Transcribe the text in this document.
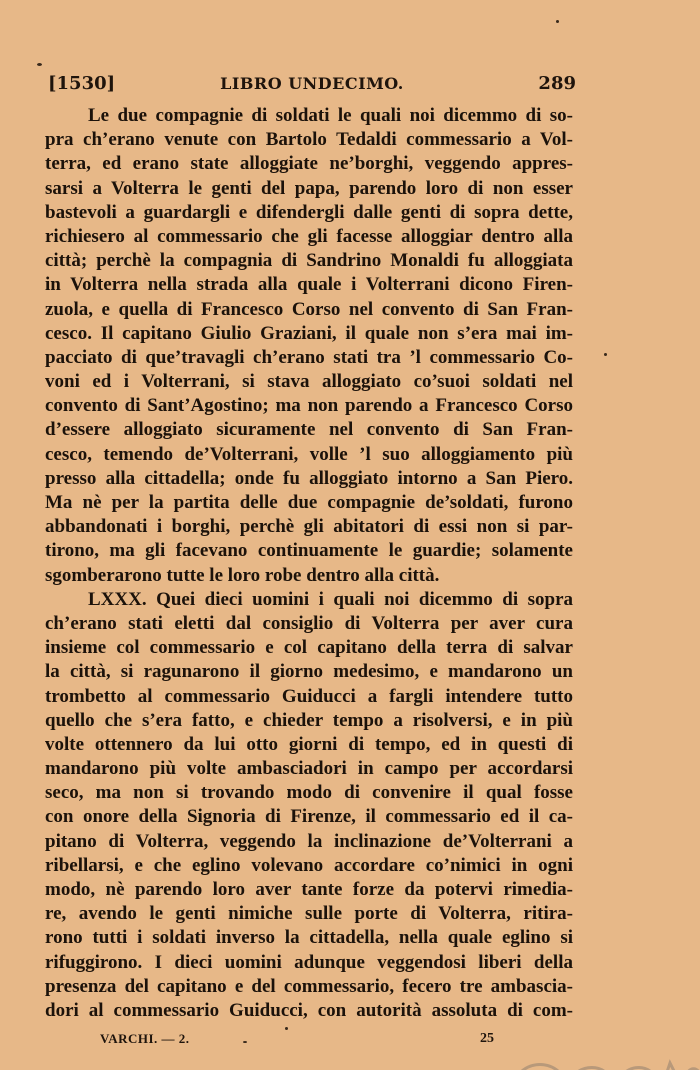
[1530]	LIBRO UNDECIMO.	289
Le due compagnie di soldati le quali noi dicemmo di so-
pra ch’erano venute con Bartolo Tedaldi commessario a Vol-
terra, ed erano state alloggiate ne’borghi, veggendo appres-
sarsi a Volterra le genti del papa, parendo loro di non esser
bastevoli a guardargli e difendergli dalle genti di sopra dette,
richiesero al commessario che gli facesse alloggiar dentro alla
città; perchè la compagnia di Sandrino Monaldi fu alloggiata
in Volterra nella strada alla quale i Volterrani dicono Firen-
zuola, e quella di Francesco Corso nel convento di San Fran-
cesco. Il capitano Giulio Graziani, il quale non s’era mai im-
pacciato di que’travagli ch’erano stati tra ’l commessario Co-
voni ed i Volterrani, si stava alloggiato co’suoi soldati nel
convento di Sant’Agostino; ma non parendo a Francesco Corso
d’essere alloggiato sicuramente nel convento di San Fran-
cesco, temendo de’Volterrani, volle ’l suo alloggiamento più
presso alla cittadella; onde fu alloggiato intorno a San Piero.
Ma nè per la partita delle due compagnie de’soldati, furono
abbandonati i borghi, perchè gli abitatori di essi non si par-
tirono, ma gli facevano continuamente le guardie; solamente
sgomberarono tutte le loro robe dentro alla città.
LXXX. Quei dieci uomini i quali noi dicemmo di sopra
ch’erano stati eletti dal consiglio di Volterra per aver cura
insieme col commessario e col capitano della terra di salvar
la città, si ragunarono il giorno medesimo, e mandarono un
trombetto al commessario Guiducci a fargli intendere tutto
quello che s’era fatto, e chieder tempo a risolversi, e in più
volte ottennero da lui otto giorni di tempo, ed in questi di
mandarono più volte ambasciadori in campo per accordarsi
seco, ma non si trovando modo di convenire il qual fosse
con onore della Signoria di Firenze, il commessario ed il ca-
pitano di Volterra, veggendo la inclinazione de’Volterrani a
ribellarsi, e che eglino volevano accordare co’nimici in ogni
modo, nè parendo loro aver tante forze da potervi rimedia-
re, avendo le genti nimiche sulle porte di Volterra, ritira-
rono tutti i soldati inverso la cittadella, nella quale eglino si
rifuggirono. I dieci uomini adunque veggendosi liberi della
presenza del capitano e del commessario, fecero tre ambascia-
dori al commessario Guiducci, con autorità assoluta di com-
VARCHI. — 2.	25
